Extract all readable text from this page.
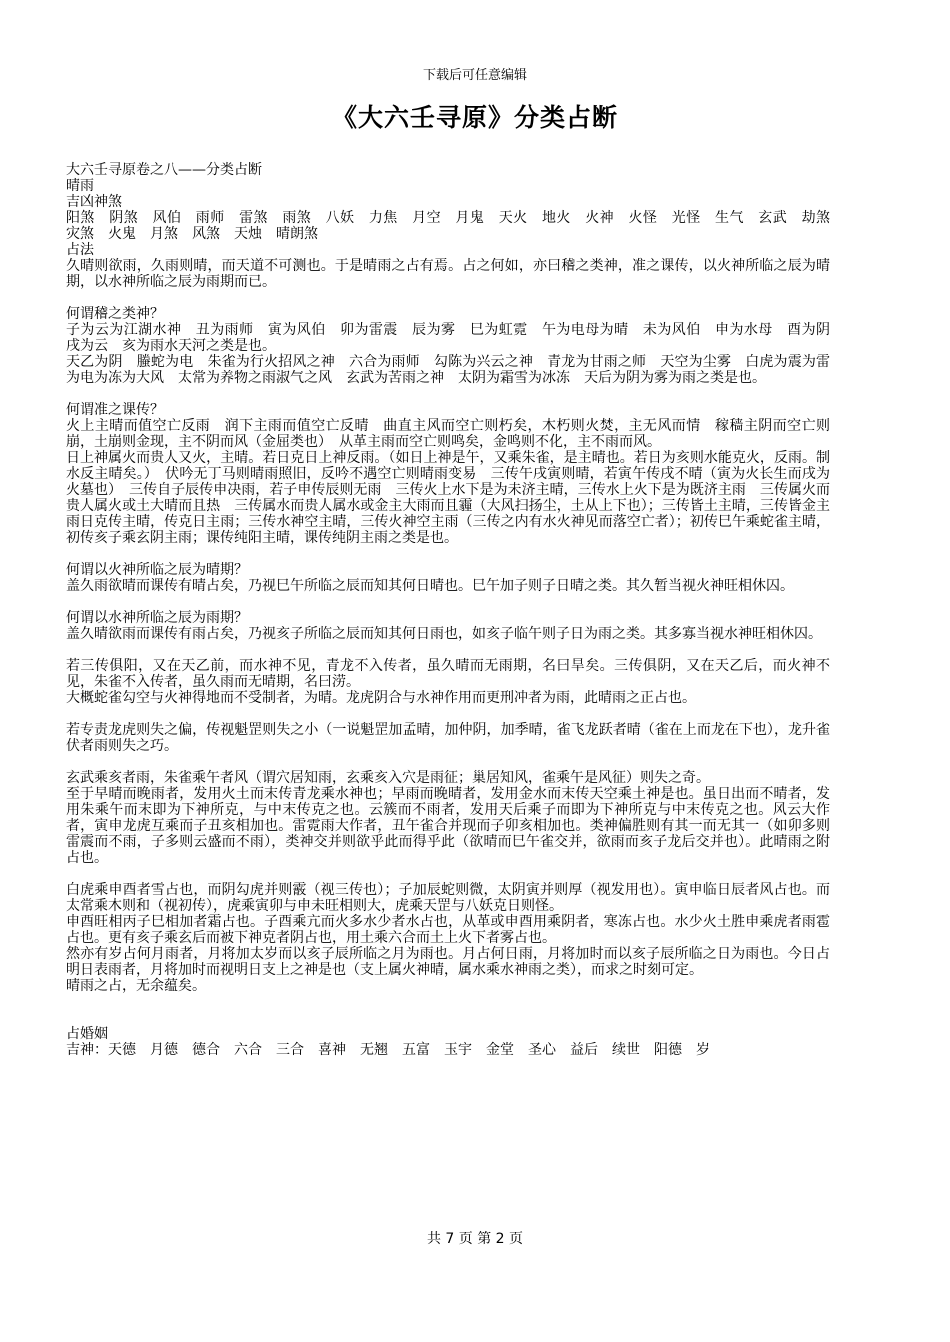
下载后可任意编辑
《大六壬寻原》分类占断

大六壬寻原卷之八——分类占断

晴雨

吉凶神煞

阳煞　阴煞　风伯　雨师　雷煞　雨煞　八妖　力焦　月空　月鬼　天火　地火　火神　火怪　光怪　生气　玄武　劫煞　灾煞　火鬼　月煞　风煞　天烛　晴朗煞

占法

久晴则欲雨，久雨则晴，而天道不可测也。于是晴雨之占有焉。占之何如，亦曰稽之类神，准之课传，以火神所临之辰为晴期，以水神所临之辰为雨期而已。

何谓稽之类神？

子为云为江湖水神　丑为雨师　寅为风伯　卯为雷震　辰为雾　巳为虹霓　午为电母为晴　未为风伯　申为水母　酉为阴　戌为云　亥为雨水天河之类是也。

天乙为阴　螣蛇为电　朱雀为行火招风之神　六合为雨师　勾陈为兴云之神　青龙为甘雨之师　天空为尘雾　白虎为震为雷为电为冻为大风　太常为养物之雨淑气之风　玄武为苦雨之神　太阴为霜雪为冰冻　天后为阴为雾为雨之类是也。

何谓准之课传？

火上主晴而值空亡反雨　润下主雨而值空亡反晴　曲直主风而空亡则朽矣，木朽则火焚，主无风而情　稼穑主阴而空亡则崩，土崩则金现，主不阴而风（金屈类也）　从革主雨而空亡则鸣矣，金鸣则不化，主不雨而风。

日上神属火而贵人又火，主晴。若日克日上神反雨。（如日上神是午，又乘朱雀，是主晴也。若日为亥则水能克火，反雨。制水反主晴矣。）　伏吟无丁马则晴雨照旧，反吟不遇空亡则晴雨变易　三传午戌寅则晴，若寅午传戌不晴（寅为火长生而戌为火墓也）　三传自子辰传申决雨，若子申传辰则无雨　三传火上水下是为未济主晴，三传水上火下是为既济主雨　三传属火而贵人属火或土大晴而且热　三传属水而贵人属水或金主大雨而且霾（大风扫扬尘，土从上下也）；三传皆土主晴，三传皆金主雨日克传主晴，传克日主雨；三传水神空主晴，三传火神空主雨（三传之内有水火神见而落空亡者）；初传巳午乘蛇雀主晴，初传亥子乘玄阴主雨；课传纯阳主晴，课传纯阴主雨之类是也。

何谓以火神所临之辰为晴期？

盖久雨欲晴而课传有晴占矣，乃视巳午所临之辰而知其何日晴也。巳午加子则子日晴之类。其久暂当视火神旺相休囚。

何谓以水神所临之辰为雨期？

盖久晴欲雨而课传有雨占矣，乃视亥子所临之辰而知其何日雨也，如亥子临午则子日为雨之类。其多寡当视水神旺相休囚。

若三传俱阳，又在天乙前，而水神不见，青龙不入传者，虽久晴而无雨期，名曰旱矣。三传俱阴，又在天乙后，而火神不见，朱雀不入传者，虽久雨而无晴期，名曰涝。

大概蛇雀勾空与火神得地而不受制者，为晴。龙虎阴合与水神作用而更刑冲者为雨，此晴雨之正占也。

若专责龙虎则失之偏，传视魁罡则失之小（一说魁罡加孟晴，加仲阴，加季晴，雀飞龙跃者晴（雀在上而龙在下也），龙升雀伏者雨则失之巧。

玄武乘亥者雨，朱雀乘午者风（谓穴居知雨，玄乘亥入穴是雨征；巢居知风，雀乘午是风征）则失之奇。

至于早晴而晚雨者，发用火土而末传青龙乘水神也；早雨而晚晴者，发用金水而末传天空乘土神是也。虽日出而不晴者，发用朱乘午而末即为下神所克，与中末传克之也。云簇而不雨者，发用天后乘子而即为下神所克与中末传克之也。风云大作者，寅申龙虎互乘而子丑亥相加也。雷霓雨大作者，丑午雀合并现而子卯亥相加也。类神偏胜则有其一而无其一（如卯多则雷震而不雨，子多则云盛而不雨），类神交并则欲乎此而得乎此（欲晴而巳午雀交并，欲雨而亥子龙后交并也）。此晴雨之附占也。

白虎乘申酉者雪占也，而阴勾虎并则霰（视三传也）；子加辰蛇则微，太阴寅并则厚（视发用也）。寅申临日辰者风占也。而太常乘木则和（视初传），虎乘寅卯与申未旺相则大，虎乘天罡与八妖克日则怪。

申酉旺相丙子巳相加者霜占也。子酉乘亢而火多水少者水占也，从革或申酉用乘阴者，寒冻占也。水少火土胜申乘虎者雨雹占也。更有亥子乘玄后而被下神克者阴占也，用土乘六合而土上火下者雾占也。

然亦有岁占何月雨者，月将加太岁而以亥子辰所临之月为雨也。月占何日雨，月将加时而以亥子辰所临之日为雨也。今日占明日表雨者，月将加时而视明日支上之神是也（支上属火神晴，属水乘水神雨之类），而求之时刻可定。

晴雨之占，无余蕴矣。

占婚姻

吉神：天德　月德　德合　六合　三合　喜神　无翘　五富　玉宇　金堂　圣心　益后　续世　阳德　岁

共 7 页 第 2 页
